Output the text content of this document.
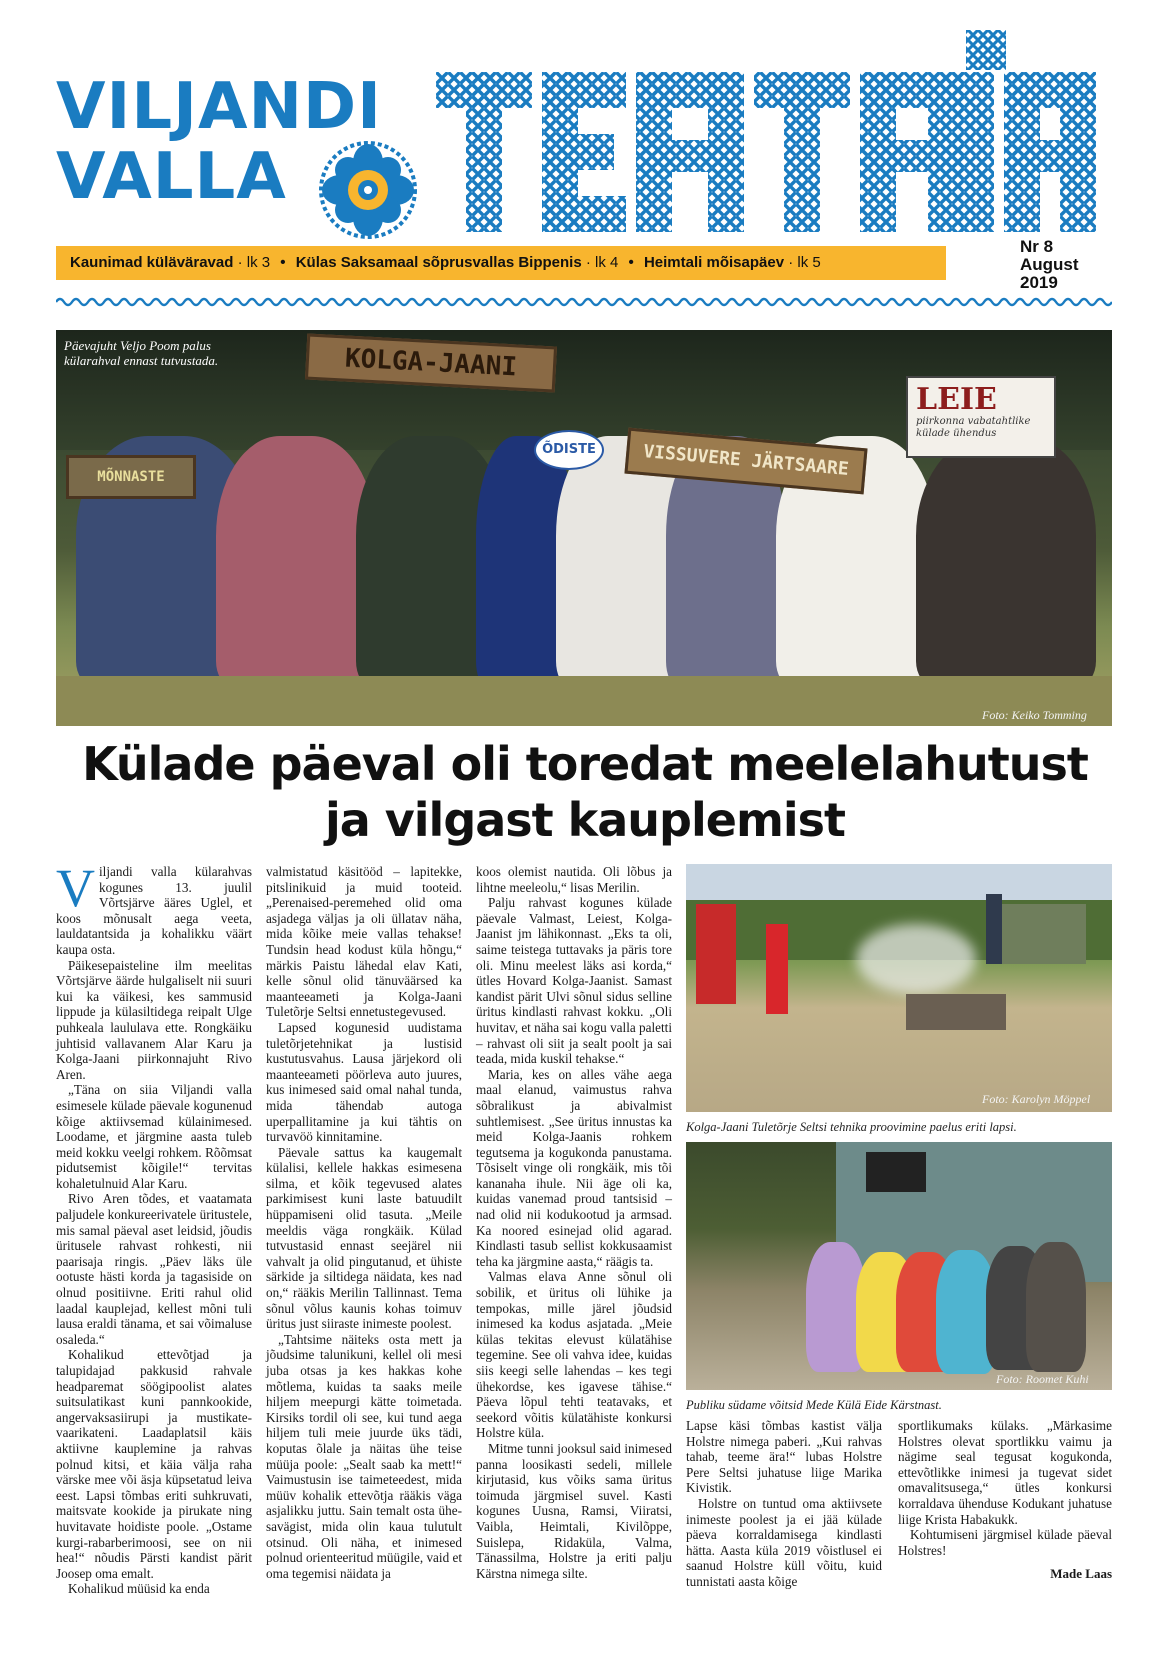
VILJANDI
VALLA
Nr 8
August
2019
Kaunimad küläväravad · lk 3 • Külas Saksamaal sõprusvallas Bippenis · lk 4 • Heimtali mõisapäev · lk 5
KOLGA-JAANI
VISSUVERE JÄRTSAARE
MÕNNASTE
ÕDISTE
LEIE
piirkonna vabatahtlike külade ühendus
Päevajuht Veljo Poom palus külarahval ennast tutvustada.
Foto: Keiko Tomming
Külade päeval oli toredat meelelahutust
ja vilgast kauplemist

Viljandi valla külarahvas kogunes 13. juulil Võrtsjärve ääres Uglel, et koos mõnusalt aega veeta, lauldatantsida ja kohalikku väärt kaupa osta.

Päikesepaisteline ilm meelitas Võrtsjärve äärde hulgaliselt nii suuri kui ka väikesi, kes sammusid lippude ja külasiltidega reipalt Ulge puhkeala laululava ette. Rongkäiku juhtisid vallavanem Alar Karu ja Kolga-Jaani piirkonnajuht Rivo Aren.

„Täna on siia Viljandi valla esimesele külade päevale kogunenud kõige aktiivsemad külainimesed. Loodame, et järgmine aasta tuleb meid kokku veelgi rohkem. Rõõmsat pidutsemist kõigile!“ tervitas kohaletulnuid Alar Karu.

Rivo Aren tõdes, et vaatamata paljudele konkureerivatele üritustele, mis samal päeval aset leidsid, jõudis üritusele rahvast rohkesti, nii paarisaja ringis. „Päev läks üle ootuste hästi korda ja tagasiside on olnud positiivne. Eriti rahul olid laadal kauplejad, kellest mõni tuli lausa eraldi tänama, et sai võimaluse osaleda.“

Kohalikud ettevõtjad ja talupidajad pakkusid rahvale headparemat söögipoolist alates suitsulatikast kuni pannkookide, angervaksasiirupi ja mustikate-vaarikateni. Laadaplatsil käis aktiivne kauplemine ja rahvas polnud kitsi, et käia välja raha värske mee või äsja küpsetatud leiva eest. Lapsi tõmbas eriti suhkruvati, maitsvate kookide ja pirukate ning huvitavate hoidiste poole. „Ostame kurgi-rabarberimoosi, see on nii hea!“ nõudis Pärsti kandist pärit Joosep oma emalt.

Kohalikud müüsid ka enda

valmistatud käsitööd – lapitekke, pitslinikuid ja muid tooteid. „Perenaised-peremehed olid oma asjadega väljas ja oli üllatav näha, mida kõike meie vallas tehakse! Tundsin head kodust küla hõngu,“ märkis Paistu lähedal elav Kati, kelle sõnul olid tänuväärsed ka maanteeameti ja Kolga-Jaani Tuletõrje Seltsi ennetustegevused.

Lapsed kogunesid uudistama tuletõrjetehnikat ja lustisid kustutusvahus. Lausa järjekord oli maanteeameti pöörleva auto juures, kus inimesed said omal nahal tunda, mida tähendab autoga uperpallitamine ja kui tähtis on turvavöö kinnitamine.

Päevale sattus ka kaugemalt külalisi, kellele hakkas esimesena silma, et kõik tegevused alates parkimisest kuni laste batuudilt hüppamiseni olid tasuta. „Meile meeldis väga rongkäik. Külad tutvustasid ennast seejärel nii vahvalt ja olid pingutanud, et ühiste särkide ja siltidega näidata, kes nad on,“ rääkis Merilin Tallinnast. Tema sõnul võlus kaunis kohas toimuv üritus just siiraste inimeste poolest.

„Tahtsime näiteks osta mett ja jõudsime talunikuni, kellel oli mesi juba otsas ja kes hakkas kohe mõtlema, kuidas ta saaks meile hiljem meepurgi kätte toimetada. Kirsiks tordil oli see, kui tund aega hiljem tuli meie juurde üks tädi, koputas õlale ja näitas ühe teise müüja poole: „Sealt saab ka mett!“ Vaimustusin ise taimeteedest, mida müüv kohalik ettevõtja rääkis väga asjalikku juttu. Sain temalt osta ühesavägist, mida olin kaua tulutult otsinud. Oli näha, et inimesed polnud orienteeritud müügile, vaid et oma tegemisi näidata ja

koos olemist nautida. Oli lõbus ja lihtne meeleolu,“ lisas Merilin.

Palju rahvast kogunes külade päevale Valmast, Leiest, Kolga-Jaanist jm lähikonnast. „Eks ta oli, saime teistega tuttavaks ja päris tore oli. Minu meelest läks asi korda,“ ütles Hovard Kolga-Jaanist. Samast kandist pärit Ulvi sõnul sidus selline üritus kindlasti rahvast kokku. „Oli huvitav, et näha sai kogu valla paletti – rahvast oli siit ja sealt poolt ja sai teada, mida kuskil tehakse.“

Maria, kes on alles vähe aega maal elanud, vaimustus rahva sõbralikust ja abivalmist suhtlemisest. „See üritus innustas ka meid Kolga-Jaanis rohkem tegutsema ja kogukonda panustama. Tõsiselt vinge oli rongkäik, mis tõi kananaha ihule. Nii äge oli ka, kuidas vanemad proud tantsisid – nad olid nii kodukootud ja armsad. Ka noored esinejad olid agarad. Kindlasti tasub sellist kokkusaamist teha ka järgmine aasta,“ räägis ta.

Valmas elava Anne sõnul oli sobilik, et üritus oli lühike ja tempokas, mille järel jõudsid inimesed ka kodus asjatada. „Meie külas tekitas elevust külatähise tegemine. See oli vahva idee, kuidas siis keegi selle lahendas – kes tegi ühekordse, kes igavese tähise.“ Päeva lõpul tehti teatavaks, et seekord võitis külatähiste konkursi Holstre küla.

Mitme tunni jooksul said inimesed panna loosikasti sedeli, millele kirjutasid, kus võiks sama üritus toimuda järgmisel suvel. Kasti kogunes Uusna, Ramsi, Viiratsi, Vaibla, Heimtali, Kivilõppe, Suislepa, Ridaküla, Valma, Tänassilma, Holstre ja eriti palju Kärstna nimega silte.

Foto: Karolyn Möppel
Kolga-Jaani Tuletõrje Seltsi tehnika proovimine paelus eriti lapsi.
Foto: Roomet Kuhi
Publiku südame võitsid Mede Külä Eide Kärstnast.

Lapse käsi tõmbas kastist välja Holstre nimega paberi. „Kui rahvas tahab, teeme ära!“ lubas Holstre Pere Seltsi juhatuse liige Marika Kivistik.

Holstre on tuntud oma aktiivsete inimeste poolest ja ei jää külade päeva korraldamisega kindlasti hätta. Aasta küla 2019 võistlusel ei saanud Holstre küll võitu, kuid tunnistati aasta kõige

sportlikumaks külaks. „Märkasime Holstres olevat sportlikku vaimu ja nägime seal tegusat kogukonda, ettevõtlikke inimesi ja tugevat sidet omavalitsusega,“ ütles konkursi korraldava ühenduse Kodukant juhatuse liige Krista Habakukk.

Kohtumiseni järgmisel külade päeval Holstres!

Made Laas
